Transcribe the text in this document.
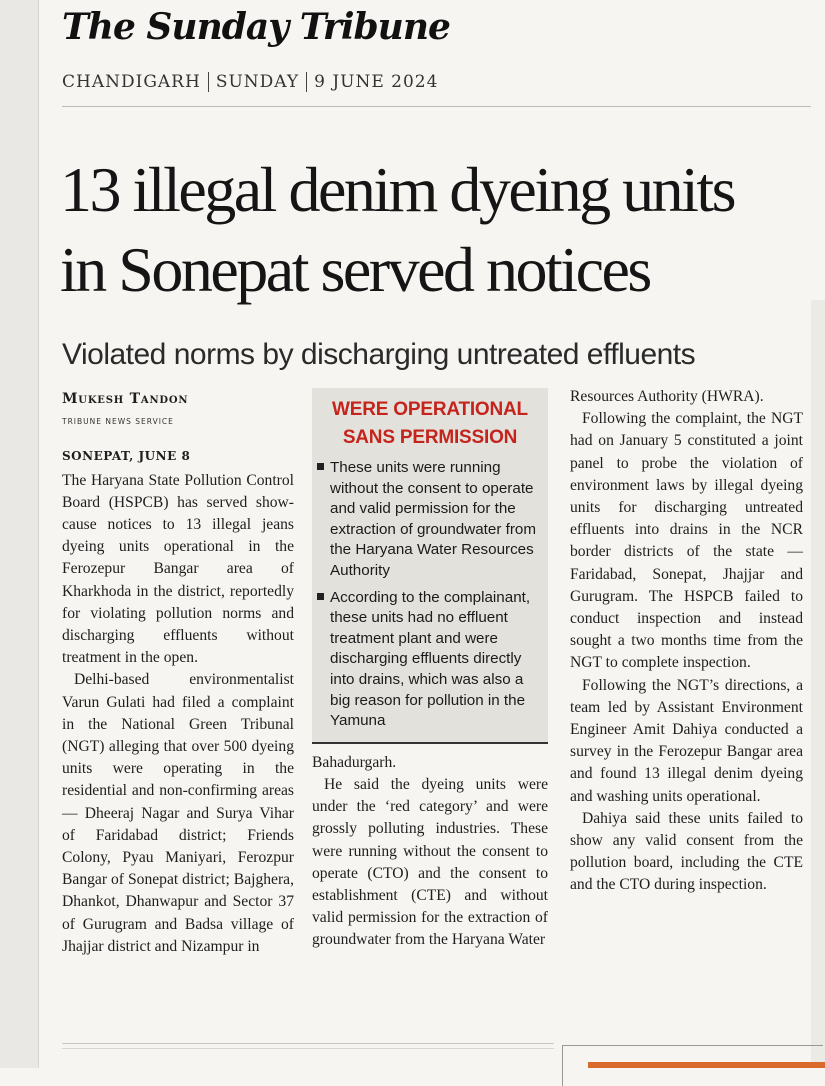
The Sunday Tribune
CHANDIGARH SUNDAY 9 JUNE 2024
13 illegal denim dyeing units
in Sonepat served notices
Violated norms by discharging untreated effluents
Mukesh Tandon
TRIBUNE NEWS SERVICE
SONEPAT, JUNE 8

The Haryana State Pollution Control Board (HSPCB) has served show-cause notices to 13 illegal jeans dyeing units operational in the Ferozepur Bangar area of Kharkhoda in the district, reportedly for violating pollution norms and discharging effluents without treatment in the open.

Delhi-based environmentalist Varun Gulati had filed a complaint in the National Green Tribunal (NGT) alleging that over 500 dyeing units were operating in the residential and non-confirming areas — Dheeraj Nagar and Surya Vihar of Faridabad district; Friends Colony, Pyau Maniyari, Ferozpur Bangar of Sonepat district; Bajghera, Dhankot, Dhanwapur and Sector 37 of Gurugram and Badsa village of Jhajjar district and Nizampur in

WERE OPERATIONAL
SANS PERMISSION
These units were running without the consent to operate and valid permission for the extraction of groundwater from the Haryana Water Resources Authority
According to the complainant, these units had no effluent treatment plant and were discharging effluents directly into drains, which was also a big reason for pollution in the Yamuna

Bahadurgarh.

He said the dyeing units were under the ‘red category’ and were grossly polluting industries. These were running without the consent to operate (CTO) and the consent to establishment (CTE) and without valid permission for the extraction of groundwater from the Haryana Water

Resources Authority (HWRA).

Following the complaint, the NGT had on January 5 constituted a joint panel to probe the violation of environment laws by illegal dyeing units for discharging untreated effluents into drains in the NCR border districts of the state — Faridabad, Sonepat, Jhajjar and Gurugram. The HSPCB failed to conduct inspection and instead sought a two months time from the NGT to complete inspection.

Following the NGT’s directions, a team led by Assistant Environment Engineer Amit Dahiya conducted a survey in the Ferozepur Bangar area and found 13 illegal denim dyeing and washing units operational.

Dahiya said these units failed to show any valid consent from the pollution board, including the CTE and the CTO during inspection.
